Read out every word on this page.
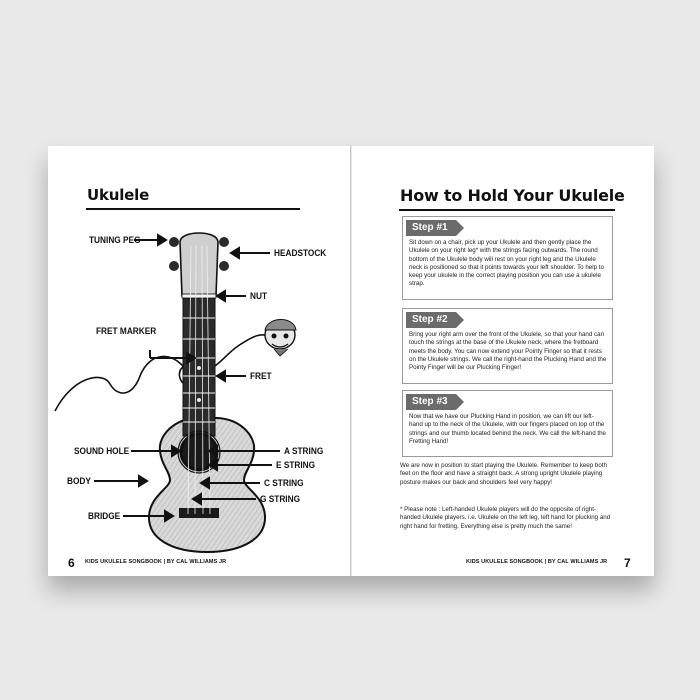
Ukulele
TUNING PEG
HEADSTOCK
NUT
FRET MARKER
FRET
SOUND HOLE
BODY
BRIDGE
A STRING
E STRING
C STRING
G STRING
6 KIDS UKULELE SONGBOOK | BY CAL WILLIAMS JR
How to Hold Your Ukulele
Step #1
Sit down on a chair, pick up your Ukulele and then gently place the Ukulele on your right leg* with the strings facing outwards. The round bottom of the Ukulele body will rest on your right leg and the Ukulele neck is positioned so that it points towards your left shoulder. To help to keep your ukulele in the correct playing position you can use a ukulele strap.
Step #2
Bring your right arm over the front of the Ukulele, so that your hand can touch the strings at the base of the Ukulele neck, where the fretboard meets the body. You can now extend your Pointy Finger so that it rests on the Ukulele strings. We call the right-hand the Plucking Hand and the Pointy Finger will be our Plucking Finger!
Step #3
Now that we have our Plucking Hand in position, we can lift our left-hand up to the neck of the Ukulele, with our fingers placed on top of the strings and our thumb located behind the neck. We call the left-hand the Fretting Hand!
We are now in position to start playing the Ukulele. Remember to keep both feet on the floor and have a straight back. A strong upright Ukulele playing posture makes our back and shoulders feel very happy!
* Please note : Left-handed Ukulele players will do the opposite of right-handed Ukulele players. i.e. Ukulele on the left leg, left hand for plucking and right hand for fretting. Everything else is pretty much the same!
KIDS UKULELE SONGBOOK | BY CAL WILLIAMS JR 7
